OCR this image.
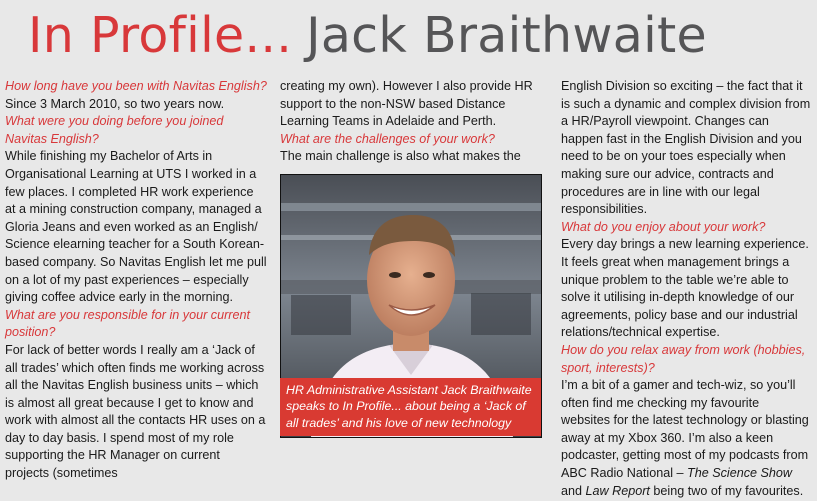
In Profile... Jack Braithwaite

How long have you been with Navitas English?

Since 3 March 2010, so two years now.

What were you doing before you joined Navitas English?

While finishing my Bachelor of Arts in Organisational Learning at UTS I worked in a few places. I completed HR work experience at a mining construction company, managed a Gloria Jeans and even worked as an English/ Science elearning teacher for a South Korean-based company. So Navitas English let me pull on a lot of my past experiences – especially giving coffee advice early in the morning.

What are you responsible for in your current position?

For lack of better words I really am a ‘Jack of all trades’ which often finds me working across all the Navitas English business units – which is almost all great because I get to know and work with almost all the contacts HR uses on a day to day basis. I spend most of my role supporting the HR Manager on current projects (sometimes

creating my own). However I also provide HR support to the non-NSW based Distance Learning Teams in Adelaide and Perth.

What are the challenges of your work?

The main challenge is also what makes the

HR Administrative Assistant Jack Braithwaite speaks to In Profile... about being a ‘Jack of all trades’ and his love of new technology

English Division so exciting – the fact that it is such a dynamic and complex division from a HR/Payroll viewpoint. Changes can happen fast in the English Division and you need to be on your toes especially when making sure our advice, contracts and procedures are in line with our legal responsibilities.

What do you enjoy about your work?

Every day brings a new learning experience. It feels great when management brings a unique problem to the table we’re able to solve it utilising in-depth knowledge of our agreements, policy base and our industrial relations/technical expertise.

How do you relax away from work (hobbies, sport, interests)?

I’m a bit of a gamer and tech-wiz, so you’ll often find me checking my favourite websites for the latest technology or blasting away at my Xbox 360. I’m also a keen podcaster, getting most of my podcasts from ABC Radio National – The Science Show and Law Report being two of my favourites.
